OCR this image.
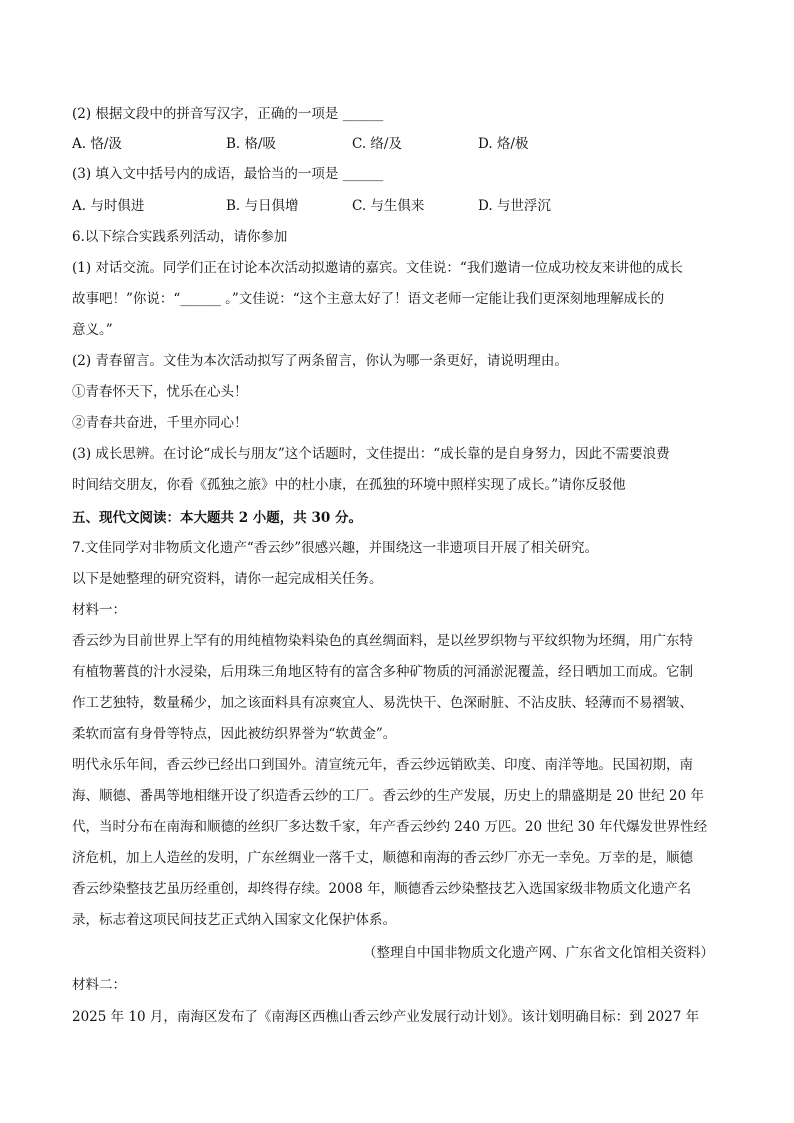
(2) 根据文段中的拼音写汉字，正确的一项是 ______
A. 恪/汲	B. 格/吸	C. 络/及	D. 烙/极
(3) 填入文中括号内的成语，最恰当的一项是 ______
A. 与时俱进	B. 与日俱增	C. 与生俱来	D. 与世浮沉
6.以下综合实践系列活动，请你参加
(1) 对话交流。同学们正在讨论本次活动拟邀请的嘉宾。文佳说：“我们邀请一位成功校友来讲他的成长
故事吧！”你说：“______ 。”文佳说：“这个主意太好了！语文老师一定能让我们更深刻地理解成长的
意义。”
(2) 青春留言。文佳为本次活动拟写了两条留言，你认为哪一条更好，请说明理由。
①青春怀天下，忧乐在心头！
②青春共奋进，千里亦同心！
(3) 成长思辨。在讨论“成长与朋友”这个话题时，文佳提出：“成长靠的是自身努力，因此不需要浪费
时间结交朋友，你看《孤独之旅》中的杜小康，在孤独的环境中照样实现了成长。”请你反驳他
五、现代文阅读：本大题共 2 小题，共 30 分。
7.文佳同学对非物质文化遗产“香云纱”很感兴趣，并围绕这一非遗项目开展了相关研究。
以下是她整理的研究资料，请你一起完成相关任务。
材料一：
香云纱为目前世界上罕有的用纯植物染料染色的真丝绸面料，是以丝罗织物与平纹织物为坯绸，用广东特
有植物薯莨的汁水浸染，后用珠三角地区特有的富含多种矿物质的河涌淤泥覆盖，经日晒加工而成。它制
作工艺独特，数量稀少，加之该面料具有凉爽宜人、易洗快干、色深耐脏、不沾皮肤、轻薄而不易褶皱、
柔软而富有身骨等特点，因此被纺织界誉为“软黄金”。
明代永乐年间，香云纱已经出口到国外。清宣统元年，香云纱远销欧美、印度、南洋等地。民国初期，南
海、顺德、番禺等地相继开设了织造香云纱的工厂。香云纱的生产发展，历史上的鼎盛期是 20 世纪 20 年
代，当时分布在南海和顺德的丝织厂多达数千家，年产香云纱约 240 万匹。20 世纪 30 年代爆发世界性经
济危机，加上人造丝的发明，广东丝绸业一落千丈，顺德和南海的香云纱厂亦无一幸免。万幸的是，顺德
香云纱染整技艺虽历经重创，却终得存续。2008 年，顺德香云纱染整技艺入选国家级非物质文化遗产名
录，标志着这项民间技艺正式纳入国家文化保护体系。
（整理自中国非物质文化遗产网、广东省文化馆相关资料）
材料二：
2025 年 10 月，南海区发布了《南海区西樵山香云纱产业发展行动计划》。该计划明确目标：到 2027 年
